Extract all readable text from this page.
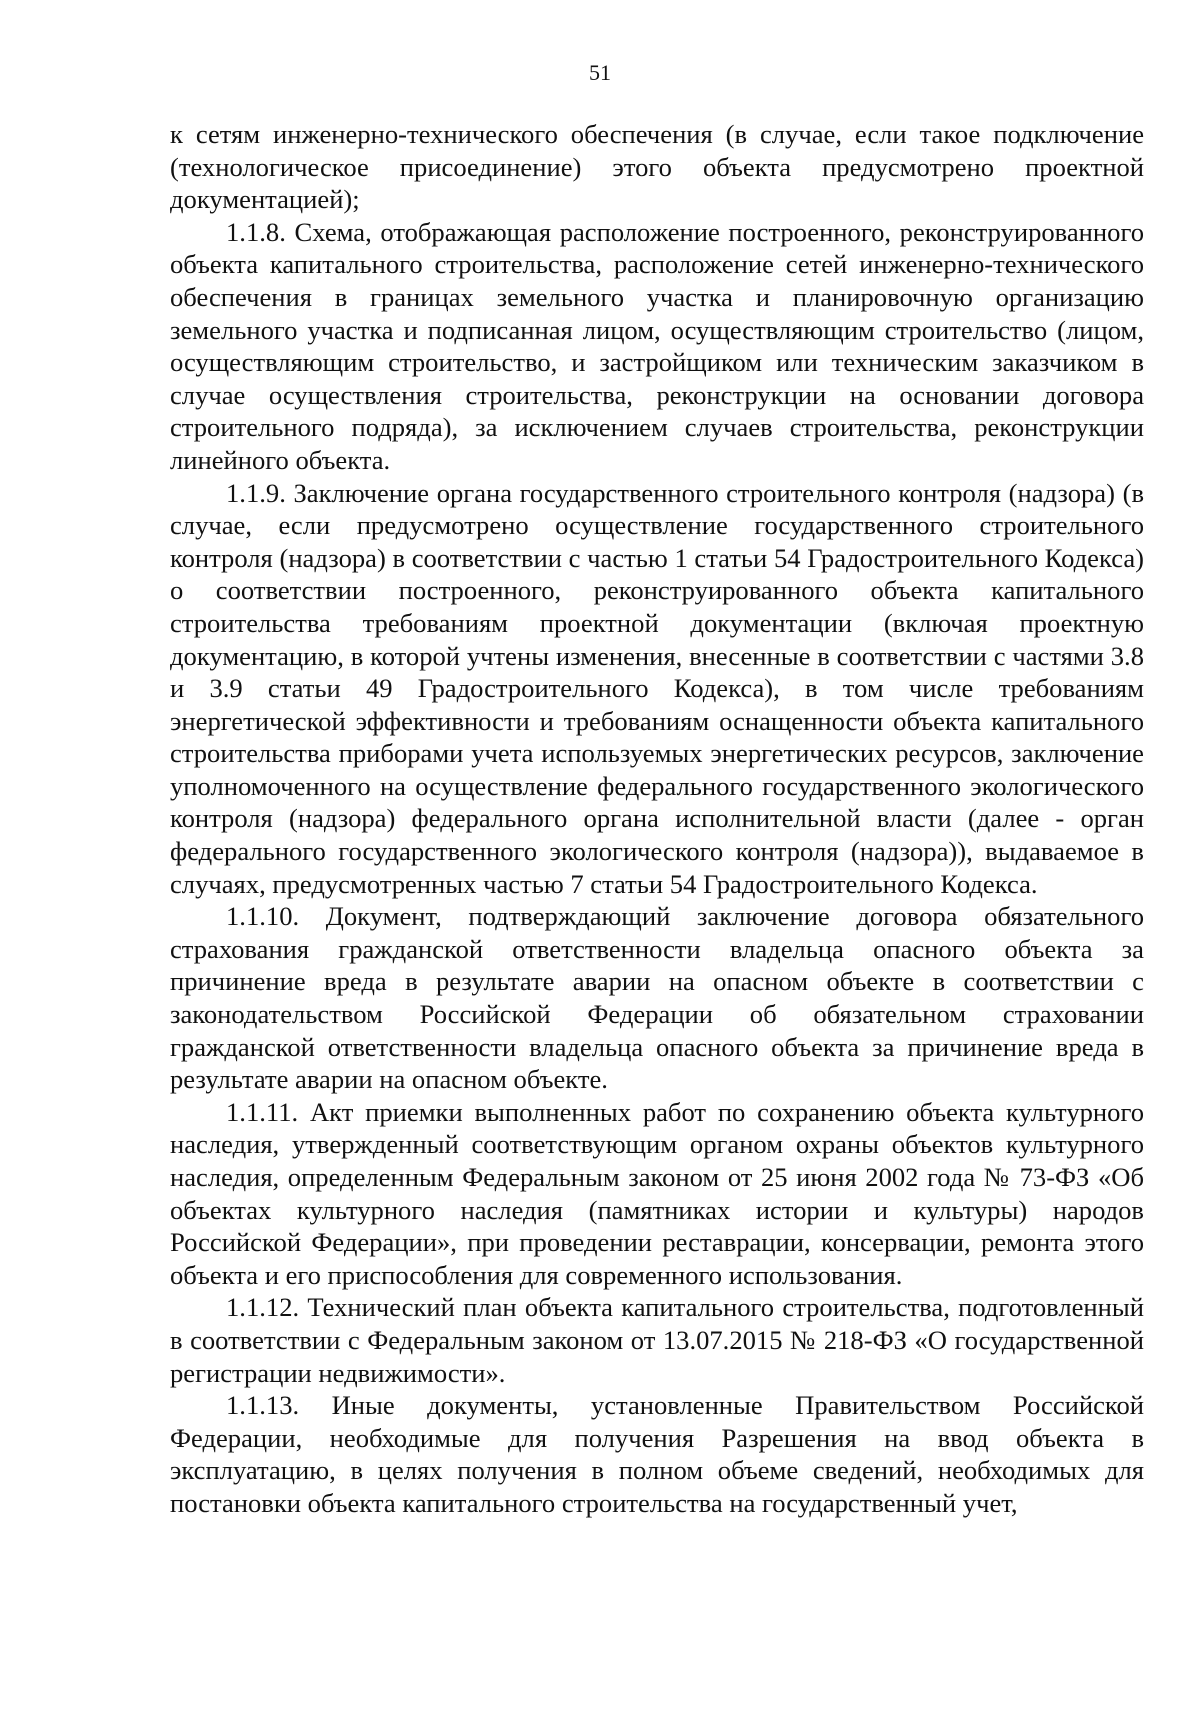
51

к сетям инженерно-технического обеспечения (в случае, если такое подключение (технологическое присоединение) этого объекта предусмотрено проектной документацией);

1.1.8. Схема, отображающая расположение построенного, реконструированного объекта капитального строительства, расположение сетей инженерно-технического обеспечения в границах земельного участка и планировочную организацию земельного участка и подписанная лицом, осуществляющим строительство (лицом, осуществляющим строительство, и застройщиком или техническим заказчиком в случае осуществления строительства, реконструкции на основании договора строительного подряда), за исключением случаев строительства, реконструкции линейного объекта.

1.1.9. Заключение органа государственного строительного контроля (надзора) (в случае, если предусмотрено осуществление государственного строительного контроля (надзора) в соответствии с частью 1 статьи 54 Градостроительного Кодекса) о соответствии построенного, реконструированного объекта капитального строительства требованиям проектной документации (включая проектную документацию, в которой учтены изменения, внесенные в соответствии с частями 3.8 и 3.9 статьи 49 Градостроительного Кодекса), в том числе требованиям энергетической эффективности и требованиям оснащенности объекта капитального строительства приборами учета используемых энергетических ресурсов, заключение уполномоченного на осуществление федерального государственного экологического контроля (надзора) федерального органа исполнительной власти (далее - орган федерального государственного экологического контроля (надзора)), выдаваемое в случаях, предусмотренных частью 7 статьи 54 Градостроительного Кодекса.

1.1.10. Документ, подтверждающий заключение договора обязательного страхования гражданской ответственности владельца опасного объекта за причинение вреда в результате аварии на опасном объекте в соответствии с законодательством Российской Федерации об обязательном страховании гражданской ответственности владельца опасного объекта за причинение вреда в результате аварии на опасном объекте.

1.1.11. Акт приемки выполненных работ по сохранению объекта культурного наследия, утвержденный соответствующим органом охраны объектов культурного наследия, определенным Федеральным законом от 25 июня 2002 года № 73-ФЗ «Об объектах культурного наследия (памятниках истории и культуры) народов Российской Федерации», при проведении реставрации, консервации, ремонта этого объекта и его приспособления для современного использования.

1.1.12. Технический план объекта капитального строительства, подготовленный в соответствии с Федеральным законом от 13.07.2015 № 218-ФЗ «О государственной регистрации недвижимости».

1.1.13. Иные документы, установленные Правительством Российской Федерации, необходимые для получения Разрешения на ввод объекта в эксплуатацию, в целях получения в полном объеме сведений, необходимых для постановки объекта капитального строительства на государственный учет,
